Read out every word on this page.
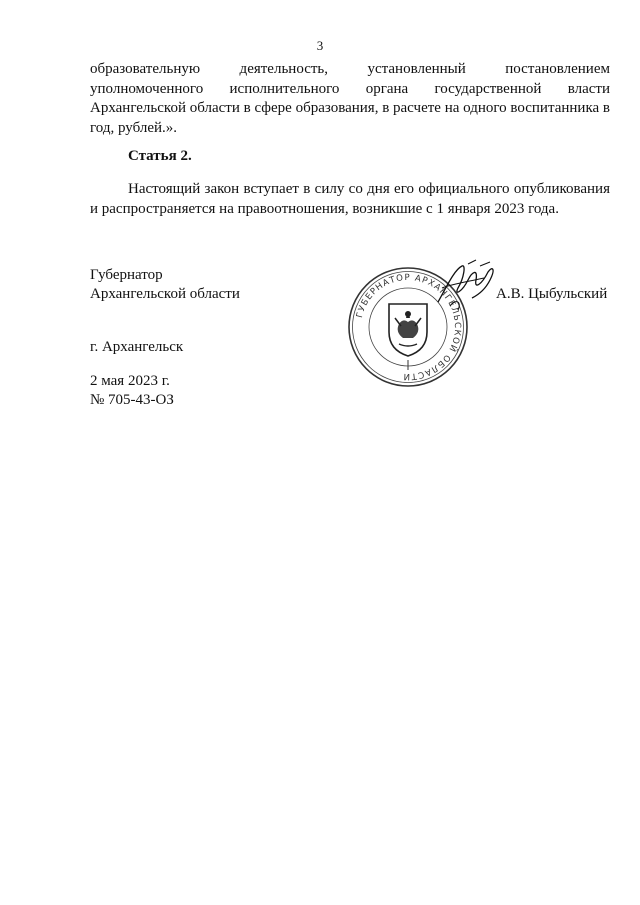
3
образовательную деятельность, установленный постановлением уполномоченного исполнительного органа государственной власти Архангельской области в сфере образования, в расчете на одного воспитанника в год, рублей.».
Статья 2.
Настоящий закон вступает в силу со дня его официального опубликования и распространяется на правоотношения, возникшие с 1 января 2023 года.
Губернатор
Архангельской области	А.В. Цыбульский
ГУБЕРНАТОР АРХАНГЕЛЬСКОЙ ОБЛАСТИ
г. Архангельск
2 мая 2023 г.
№ 705-43-ОЗ
